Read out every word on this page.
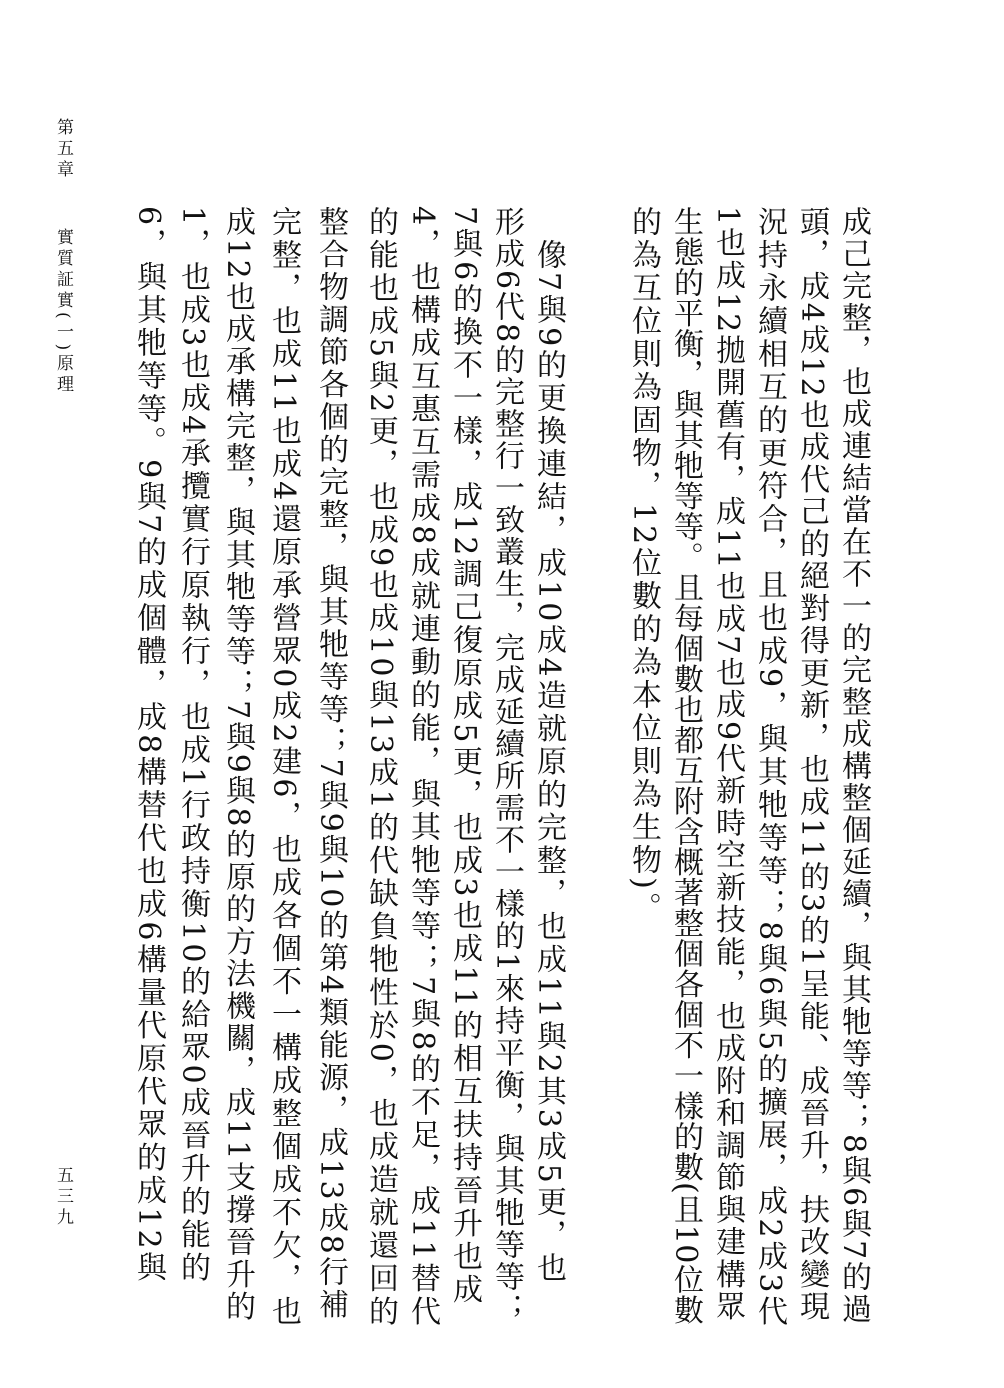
第五章
實質証實(一)原理
五三九	成己完整，也成連結當在不一的完整成構整個延續，與其牠等等；8與6與7的過
頭，成4成12也成代己的絕對得更新，也成11的3的1呈能、成晉升，扶改變現
況持永續相互的更符合，且也成9，與其牠等等；8與6與5的擴展，成2成3代
1也成12拋開舊有，成11也成7也成9代新時空新技能，也成附和調節與建構眾
生態的平衡，與其牠等等。且每個數也都互附含概著整個各個不一樣的數(且10位數
的為互位則為固物，12位數的為本位則為生物)。
　像7與9的更換連結，成10成4造就原的完整，也成11與2其3成5更，也
形成6代8的完整行一致叢生，完成延續所需不一樣的1來持平衡，與其牠等等；
7與6的換不一樣，成12調己復原成5更，也成3也成11的相互扶持晉升也成
4，也構成互惠互需成8成就連動的能，與其牠等等；7與8的不足，成11替代
的能也成5與2更，也成9也成10與13成1的代缺負牠性於0，也成造就還回的
整合物調節各個的完整，與其牠等等；7與9與10的第4類能源，成13成8行補
完整，也成11也成4還原承營眾0成2建6，也成各個不一構成整個成不欠，也
成12也成承構完整，與其牠等等；7與9與8的原的方法機關，成11支撐晉升的
1，也成3也成4承攬實行原執行，也成1行政持衡10的給眾0成晉升的能的
6，與其牠等等。9與7的成個體，成8構替代也成6構量代原代眾的成12與
